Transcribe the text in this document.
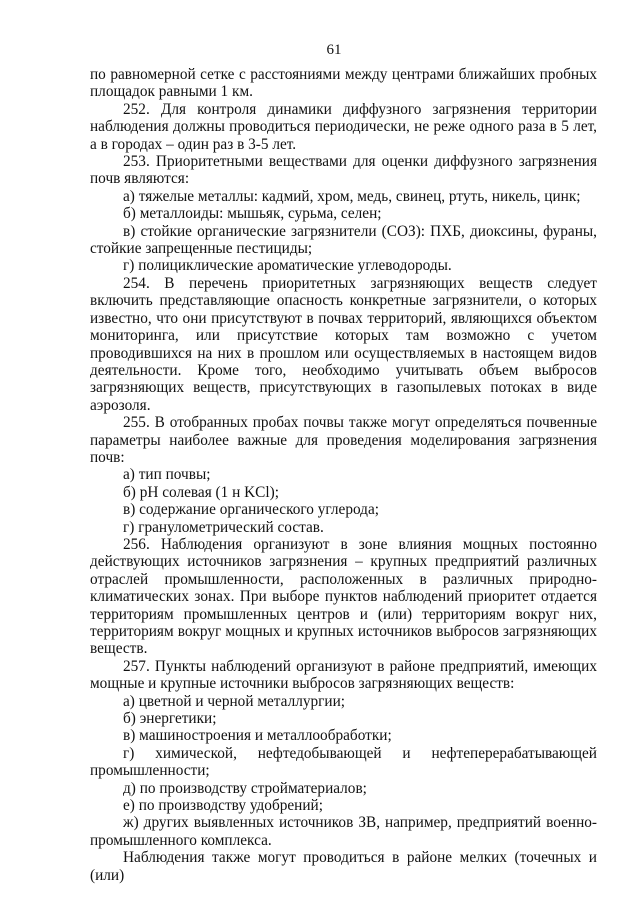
61

по равномерной сетке с расстояниями между центрами ближайших пробных площадок равными 1 км.

252. Для контроля динамики диффузного загрязнения территории наблюдения должны проводиться периодически, не реже одного раза в 5 лет, а в городах – один раз в 3-5 лет.

253. Приоритетными веществами для оценки диффузного загрязнения почв являются:

а) тяжелые металлы: кадмий, хром, медь, свинец, ртуть, никель, цинк;

б) металлоиды: мышьяк, сурьма, селен;

в) стойкие органические загрязнители (СОЗ): ПХБ, диоксины, фураны, стойкие запрещенные пестициды;

г) полициклические ароматические углеводороды.

254. В перечень приоритетных загрязняющих веществ следует включить представляющие опасность конкретные загрязнители, о которых известно, что они присутствуют в почвах территорий, являющихся объектом мониторинга, или присутствие которых там возможно с учетом проводившихся на них в прошлом или осуществляемых в настоящем видов деятельности. Кроме того, необходимо учитывать объем выбросов загрязняющих веществ, присутствующих в газопылевых потоках в виде аэрозоля.

255. В отобранных пробах почвы также могут определяться почвенные параметры наиболее важные для проведения моделирования загрязнения почв:

а) тип почвы;

б) pH солевая (1 н KCl);

в) содержание органического углерода;

г) гранулометрический состав.

256. Наблюдения организуют в зоне влияния мощных постоянно действующих источников загрязнения – крупных предприятий различных отраслей промышленности, расположенных в различных природно-климатических зонах. При выборе пунктов наблюдений приоритет отдается территориям промышленных центров и (или) территориям вокруг них, территориям вокруг мощных и крупных источников выбросов загрязняющих веществ.

257. Пункты наблюдений организуют в районе предприятий, имеющих мощные и крупные источники выбросов загрязняющих веществ:

а) цветной и черной металлургии;

б) энергетики;

в) машиностроения и металлообработки;

г) химической, нефтедобывающей и нефтеперерабатывающей промышленности;

д) по производству стройматериалов;

е) по производству удобрений;

ж) других выявленных источников ЗВ, например, предприятий военно-промышленного комплекса.

Наблюдения также могут проводиться в районе мелких (точечных и (или)
